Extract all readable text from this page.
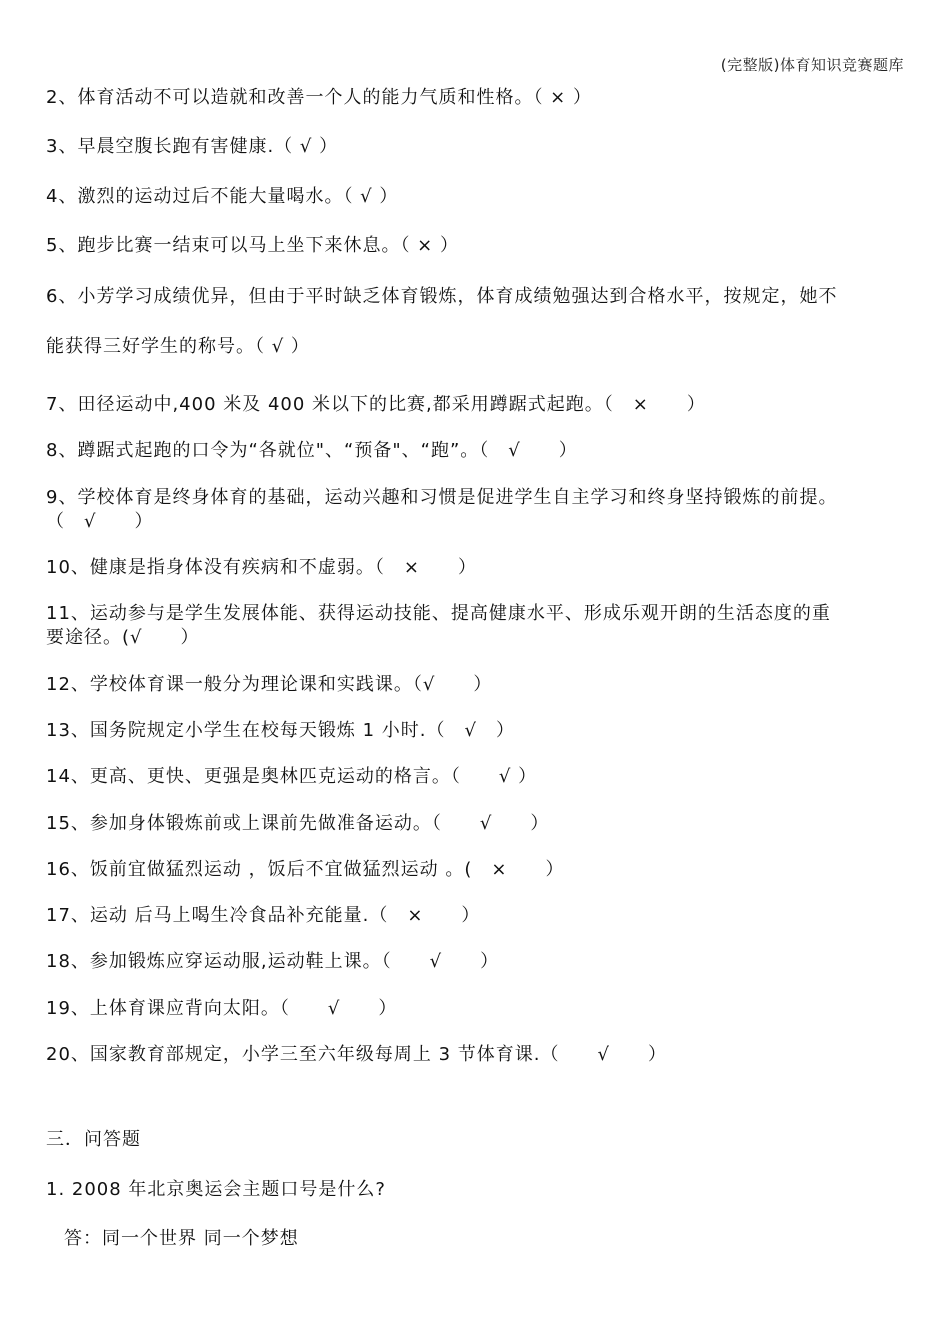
(完整版)体育知识竞赛题库
2、体育活动不可以造就和改善一个人的能力气质和性格。（ × ）
3、早晨空腹长跑有害健康.（ √ ）
4、激烈的运动过后不能大量喝水。（ √ ）
5、跑步比赛一结束可以马上坐下来休息。（ × ）
6、小芳学习成绩优异，但由于平时缺乏体育锻炼，体育成绩勉强达到合格水平，按规定，她不
能获得三好学生的称号。（ √ ）
7、田径运动中,400 米及 400 米以下的比赛,都采用蹲踞式起跑。（　×　　）
8、蹲踞式起跑的口令为“各就位"、“预备"、“跑”。（　√　　）
9、学校体育是终身体育的基础，运动兴趣和习惯是促进学生自主学习和终身坚持锻炼的前提。
（　√　　）
10、健康是指身体没有疾病和不虚弱。（　×　　）
11、运动参与是学生发展体能、获得运动技能、提高健康水平、形成乐观开朗的生活态度的重
要途径。(√　　）
12、学校体育课一般分为理论课和实践课。（√　　）
13、国务院规定小学生在校每天锻炼 1 小时.（　√　）
14、更高、更快、更强是奥林匹克运动的格言。（　　√ ）
15、参加身体锻炼前或上课前先做准备运动。（　　√　　）
16、饭前宜做猛烈运动 ，饭后不宜做猛烈运动 。(　×　　）
17、运动 后马上喝生冷食品补充能量.（　×　　）
18、参加锻炼应穿运动服,运动鞋上课。（　　√　　）
19、上体育课应背向太阳。（　　√　　）
20、国家教育部规定，小学三至六年级每周上 3 节体育课.（　　√　　）
三．问答题
1. 2008 年北京奥运会主题口号是什么?
答：同一个世界 同一个梦想
